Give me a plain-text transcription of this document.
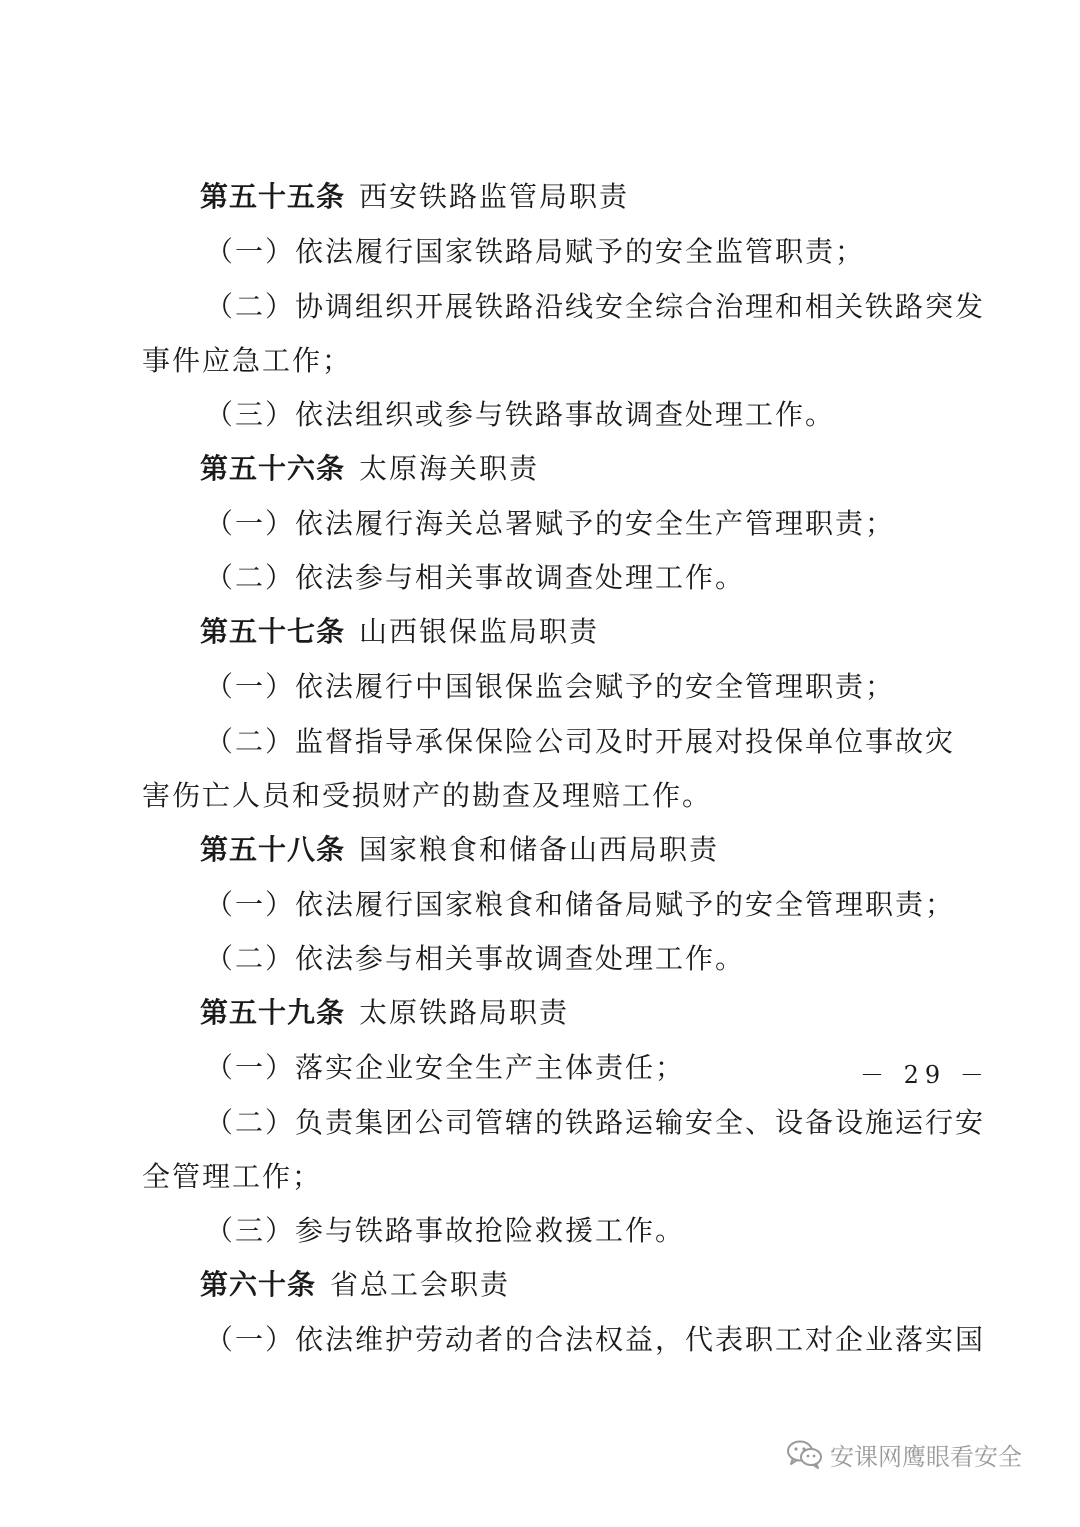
第五十五条 西安铁路监管局职责
（一）依法履行国家铁路局赋予的安全监管职责；
（二）协调组织开展铁路沿线安全综合治理和相关铁路突发
事件应急工作；
（三）依法组织或参与铁路事故调查处理工作。
第五十六条 太原海关职责
（一）依法履行海关总署赋予的安全生产管理职责；
（二）依法参与相关事故调查处理工作。
第五十七条 山西银保监局职责
（一）依法履行中国银保监会赋予的安全管理职责；
（二）监督指导承保保险公司及时开展对投保单位事故灾
害伤亡人员和受损财产的勘查及理赔工作。
第五十八条 国家粮食和储备山西局职责
（一）依法履行国家粮食和储备局赋予的安全管理职责；
（二）依法参与相关事故调查处理工作。
第五十九条 太原铁路局职责
（一）落实企业安全生产主体责任；
（二）负责集团公司管辖的铁路运输安全、设备设施运行安
全管理工作；
（三）参与铁路事故抢险救援工作。
第六十条 省总工会职责
（一）依法维护劳动者的合法权益，代表职工对企业落实国
－ 29 －
安课网鹰眼看安全
